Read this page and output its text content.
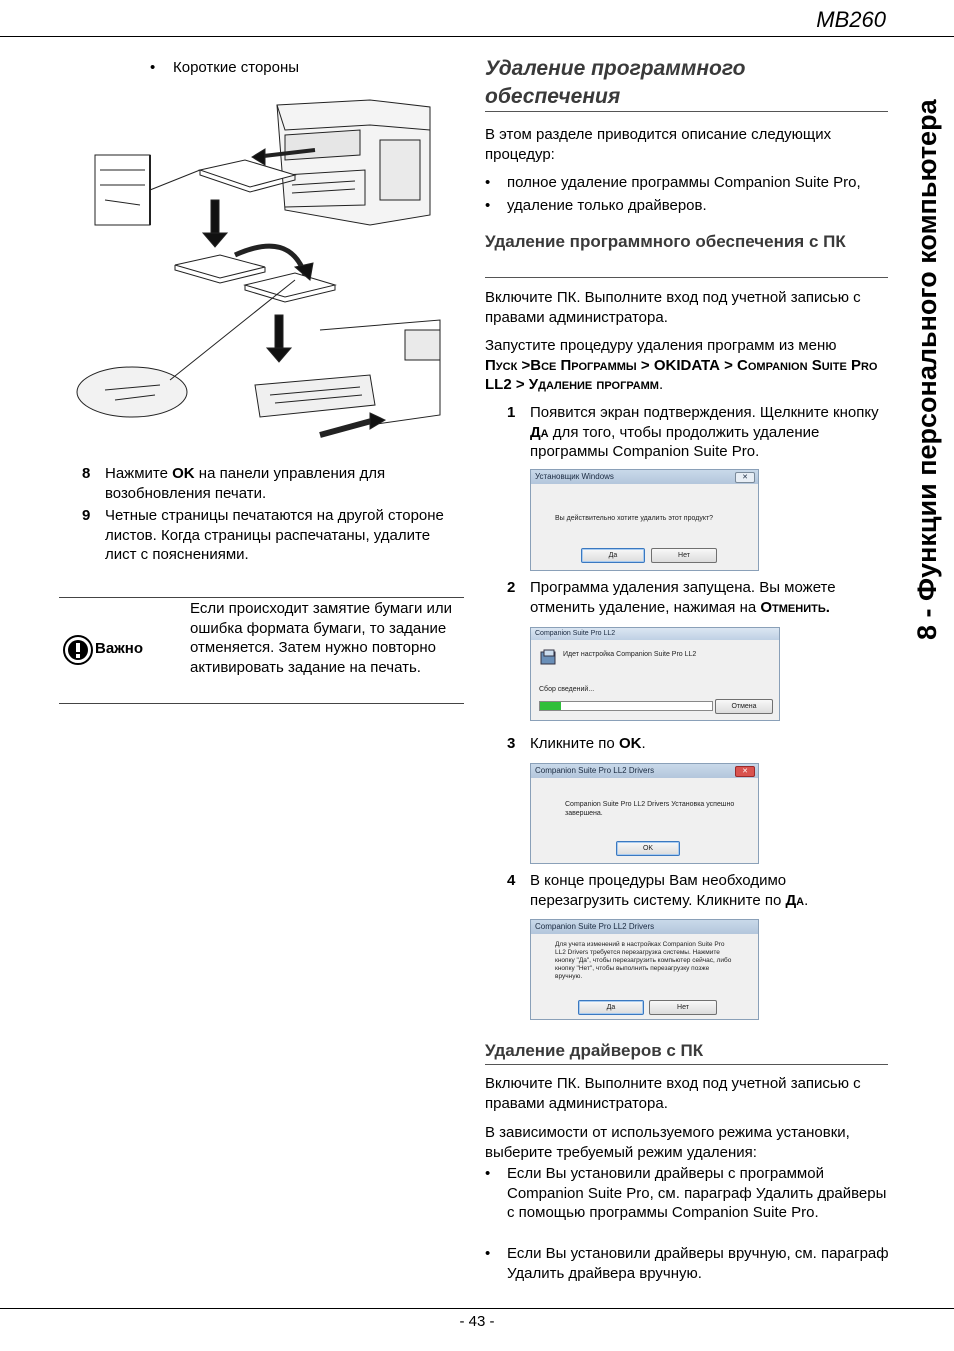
MB260
8 - Функции персонального компьютера
• Короткие стороны
8 Нажмите OK на панели управления для возобновления печати.
9 Четные страницы печатаются на другой стороне листов. Когда страницы распечатаны, удалите лист с пояснениями.
Важно
Если происходит замятие бумаги или ошибка формата бумаги, то задание отменяется. Затем нужно повторно активировать задание на печать.
Удаление программного обеспечения
В этом разделе приводится описание следующих процедур:
• полное удаление программы Companion Suite Pro,
• удаление только драйверов.
Удаление программного обеспечения с ПК
Включите ПК. Выполните вход под учетной записью с правами администратора.
Запустите процедуру удаления программ из меню
Пуск >Все Программы > OKIDATA > Companion Suite Pro LL2 > Удаление программ.
1 Появится экран подтверждения. Щелкните кнопку Да для того, чтобы продолжить удаление программы Companion Suite Pro.
Установщик Windows	✕
Вы действительно хотите удалить этот продукт?
Да	Нет
2 Программа удаления запущена. Вы можете отменить удаление, нажимая на Отменить.
Companion Suite Pro LL2
Идет настройка Companion Suite Pro LL2
Сбор сведений...
Отмена
3 Кликните по OK.
Companion Suite Pro LL2 Drivers	✕
Companion Suite Pro LL2 Drivers Установка успешно завершена.
OK
4 В конце процедуры Вам необходимо перезагрузить систему. Кликните по Да.
Companion Suite Pro LL2 Drivers
Для учета изменений в настройках Companion Suite Pro LL2 Drivers требуется перезагрузка системы. Нажмите кнопку "Да", чтобы перезагрузить компьютер сейчас, либо кнопку "Нет", чтобы выполнить перезагрузку позже вручную.
Да	Нет
Удаление драйверов с ПК
Включите ПК. Выполните вход под учетной записью с правами администратора.
В зависимости от используемого режима установки, выберите требуемый режим удаления:
• Если Вы установили драйверы с программой Companion Suite Pro, см. параграф Удалить драйверы с помощью программы Companion Suite Pro.
• Если Вы установили драйверы вручную, см. параграф Удалить драйвера вручную.
- 43 -
